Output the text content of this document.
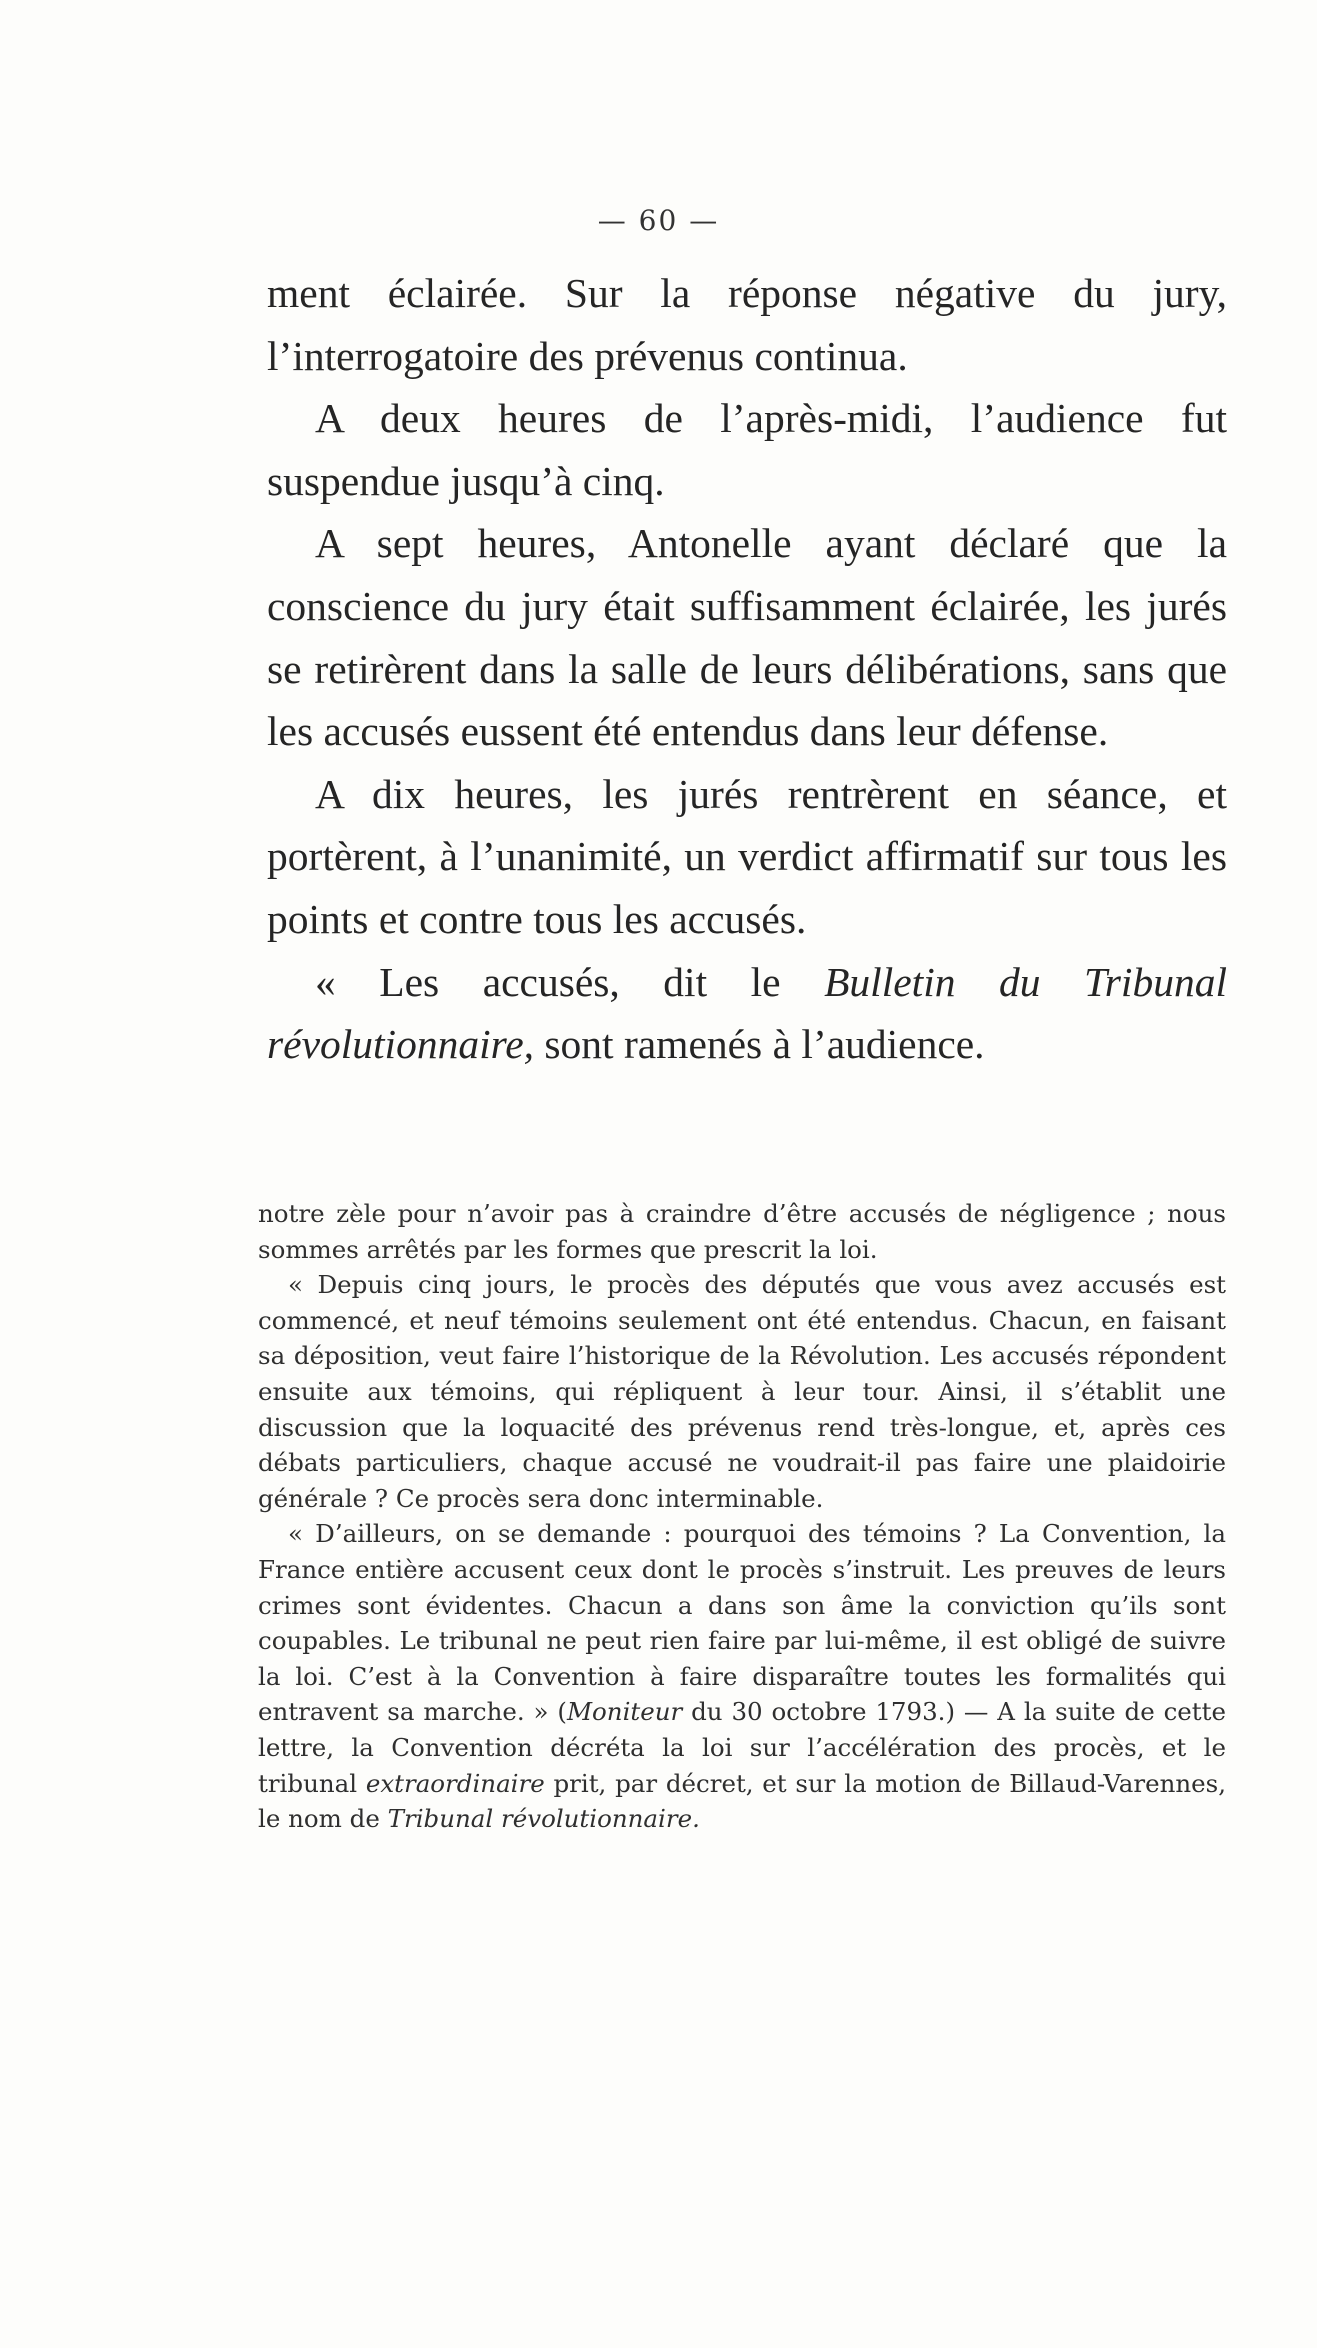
— 60 —

ment éclairée. Sur la réponse négative du jury, l’interrogatoire des prévenus continua.

A deux heures de l’après-midi, l’audience fut suspendue jusqu’à cinq.

A sept heures, Antonelle ayant déclaré que la conscience du jury était suffisamment éclairée, les jurés se retirèrent dans la salle de leurs délibérations, sans que les accusés eussent été entendus dans leur défense.

A dix heures, les jurés rentrèrent en séance, et portèrent, à l’unanimité, un verdict affirmatif sur tous les points et contre tous les accusés.

« Les accusés, dit le Bulletin du Tribunal révolutionnaire, sont ramenés à l’audience.

notre zèle pour n’avoir pas à craindre d’être accusés de négligence ; nous sommes arrêtés par les formes que prescrit la loi.

« Depuis cinq jours, le procès des députés que vous avez accusés est commencé, et neuf témoins seulement ont été entendus. Chacun, en faisant sa déposition, veut faire l’historique de la Révolution. Les accusés répondent ensuite aux témoins, qui répliquent à leur tour. Ainsi, il s’établit une discussion que la loquacité des prévenus rend très-longue, et, après ces débats particuliers, chaque accusé ne voudrait-il pas faire une plaidoirie générale ? Ce procès sera donc interminable.

« D’ailleurs, on se demande : pourquoi des témoins ? La Convention, la France entière accusent ceux dont le procès s’instruit. Les preuves de leurs crimes sont évidentes. Chacun a dans son âme la conviction qu’ils sont coupables. Le tribunal ne peut rien faire par lui-même, il est obligé de suivre la loi. C’est à la Convention à faire disparaître toutes les formalités qui entravent sa marche. » (Moniteur du 30 octobre 1793.) — A la suite de cette lettre, la Convention décréta la loi sur l’accélération des procès, et le tribunal extraordinaire prit, par décret, et sur la motion de Billaud-Varennes, le nom de Tribunal révolutionnaire.
